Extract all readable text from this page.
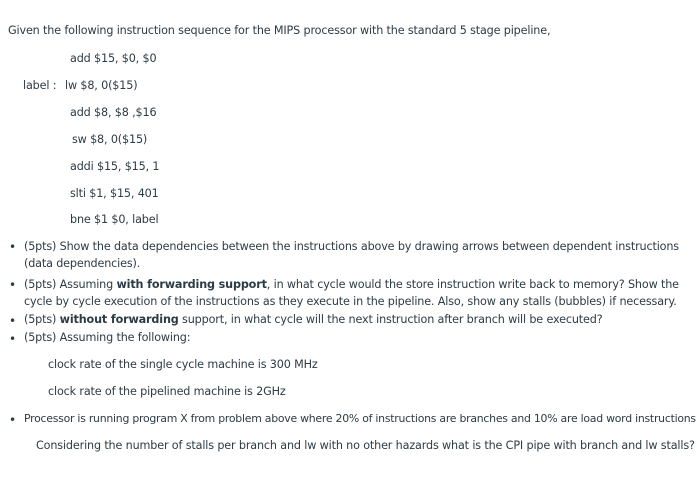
Given the following instruction sequence for the MIPS processor with the standard 5 stage pipeline,
add $15, $0, $0
label : lw $8, 0($15)
add $8, $8 ,$16
sw $8, 0($15)
addi $15, $15, 1
slti $1, $15, 401
bne $1 $0, label
• (5pts) Show the data dependencies between the instructions above by drawing arrows between dependent instructions (data dependencies).
• (5pts) Assuming with forwarding support, in what cycle would the store instruction write back to memory? Show the cycle by cycle execution of the instructions as they execute in the pipeline. Also, show any stalls (bubbles) if necessary.
• (5pts) without forwarding support, in what cycle will the next instruction after branch will be executed?
• (5pts) Assuming the following:
clock rate of the single cycle machine is 300 MHz
clock rate of the pipelined machine is 2GHz
• Processor is running program X from problem above where 20% of instructions are branches and 10% are load word instructions
Considering the number of stalls per branch and lw with no other hazards what is the CPI pipe with branch and lw stalls?
